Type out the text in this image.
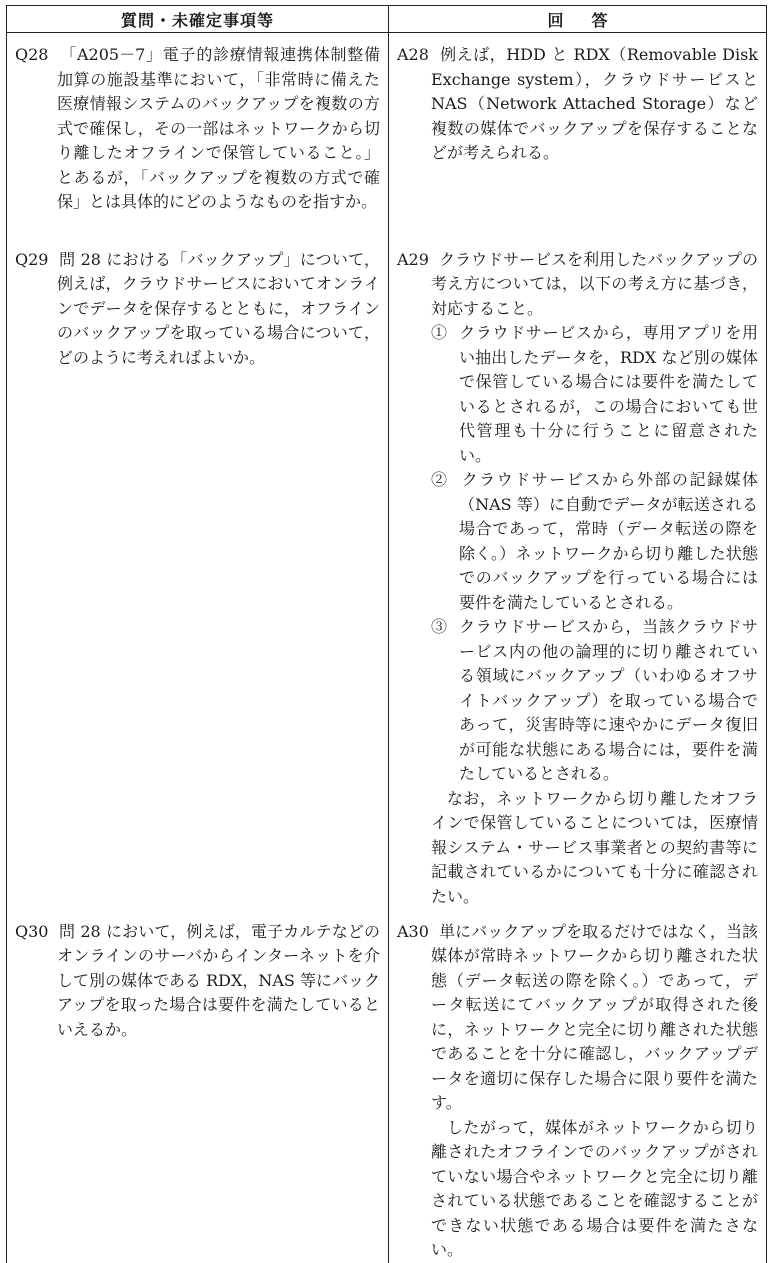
質問・未確定事項等	回答

Q28 「A205－7」電子的診療情報連携体制整備加算の施設基準において，「非常時に備えた医療情報システムのバックアップを複数の方式で確保し，その一部はネットワークから切り離したオフラインで保管していること。」とあるが，「バックアップを複数の方式で確保」とは具体的にどのようなものを指すか。	A28 例えば，HDD と RDX（Removable Disk Exchange system），クラウドサービスと NAS（Network Attached Storage）など複数の媒体でバックアップを保存することなどが考えられる。

Q29 問 28 における「バックアップ」について，例えば，クラウドサービスにおいてオンラインでデータを保存するとともに，オフラインのバックアップを取っている場合について，どのように考えればよいか。	A29 クラウドサービスを利用したバックアップの考え方については，以下の考え方に基づき，対応すること。

① クラウドサービスから，専用アプリを用い抽出したデータを，RDX など別の媒体で保管している場合には要件を満たしているとされるが，この場合においても世代管理も十分に行うことに留意されたい。

② クラウドサービスから外部の記録媒体（NAS 等）に自動でデータが転送される場合であって，常時（データ転送の際を除く。）ネットワークから切り離した状態でのバックアップを行っている場合には要件を満たしているとされる。

③ クラウドサービスから，当該クラウドサービス内の他の論理的に切り離されている領域にバックアップ（いわゆるオフサイトバックアップ）を取っている場合であって，災害時等に速やかにデータ復旧が可能な状態にある場合には，要件を満たしているとされる。

なお，ネットワークから切り離したオフラインで保管していることについては，医療情報システム・サービス事業者との契約書等に記載されているかについても十分に確認されたい。

Q30 問 28 において，例えば，電子カルテなどのオンラインのサーバからインターネットを介して別の媒体である RDX，NAS 等にバックアップを取った場合は要件を満たしているといえるか。	A30 単にバックアップを取るだけではなく，当該媒体が常時ネットワークから切り離された状態（データ転送の際を除く。）であって，データ転送にてバックアップが取得された後に，ネットワークと完全に切り離された状態であることを十分に確認し，バックアップデータを適切に保存した場合に限り要件を満たす。

したがって，媒体がネットワークから切り離されたオフラインでのバックアップがされていない場合やネットワークと完全に切り離されている状態であることを確認することができない状態である場合は要件を満たさない。
